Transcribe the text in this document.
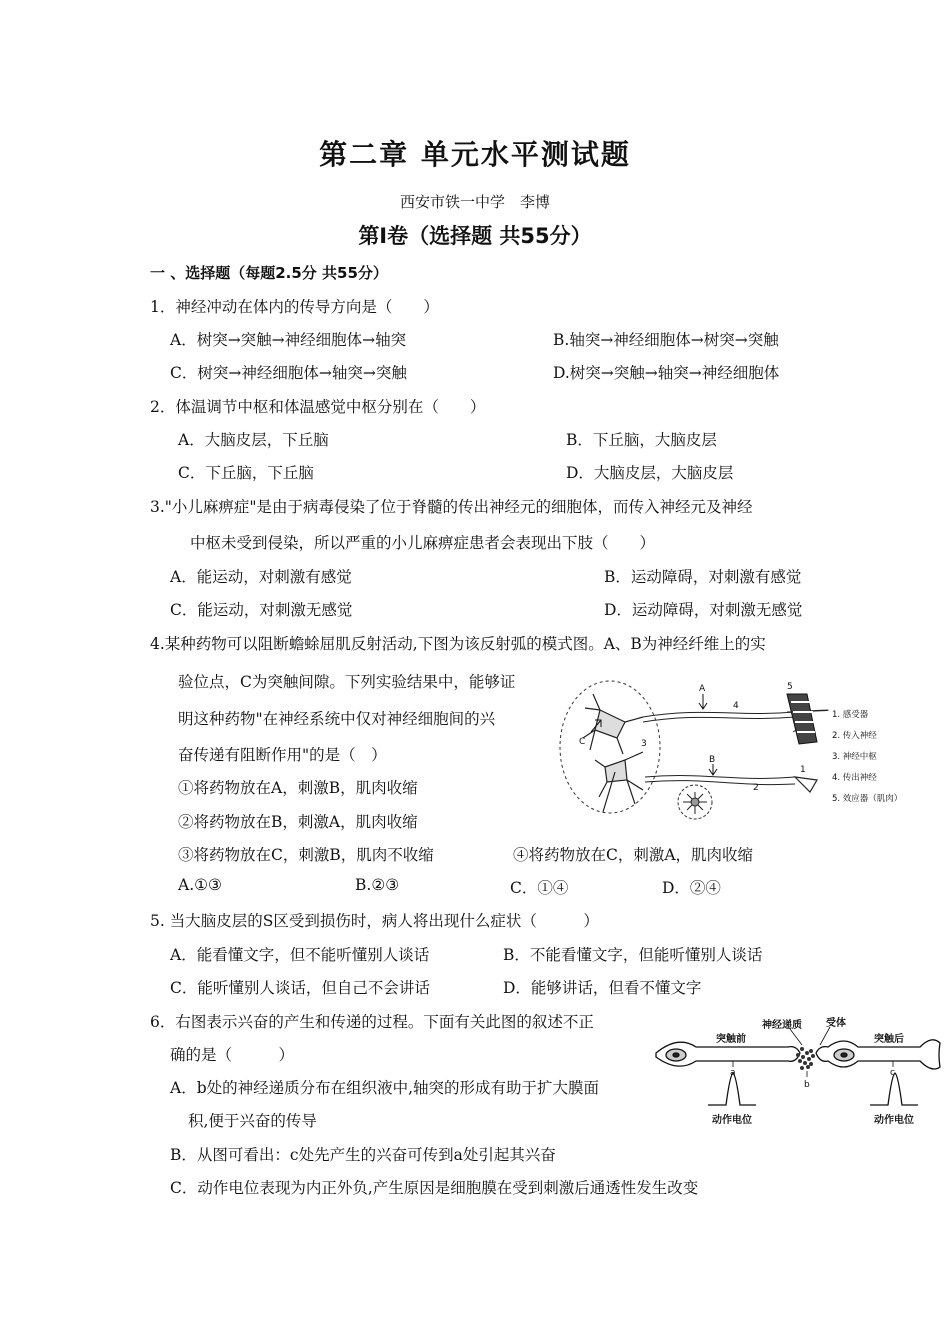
第二章 单元水平测试题
西安市铁一中学　李博
第Ⅰ卷（选择题 共55分）
一 、选择题（每题2.5分 共55分）
1．神经冲动在体内的传导方向是（　　）
A．树突→突触→神经细胞体→轴突	B.轴突→神经细胞体→树突→突触
C．树突→神经细胞体→轴突→突触	D.树突→突触→轴突→神经细胞体
2．体温调节中枢和体温感觉中枢分别在（　　）
A．大脑皮层，下丘脑	B．下丘脑，大脑皮层
C．下丘脑，下丘脑	D．大脑皮层，大脑皮层
3."小儿麻痹症"是由于病毒侵染了位于脊髓的传出神经元的细胞体，而传入神经元及神经
中枢未受到侵染，所以严重的小儿麻痹症患者会表现出下肢（　　）
A．能运动，对刺激有感觉	B．运动障碍，对刺激有感觉
C．能运动，对刺激无感觉	D．运动障碍，对刺激无感觉
4.某种药物可以阻断蟾蜍屈肌反射活动,下图为该反射弧的模式图。A、B为神经纤维上的实
验位点，C为突触间隙。下列实验结果中，能够证
明这种药物"在神经系统中仅对神经细胞间的兴
奋传递有阻断作用"的是（　）
①将药物放在A，刺激B，肌肉收缩
②将药物放在B，刺激A，肌肉收缩
③将药物放在C，刺激B，肌肉不收缩	④将药物放在C，刺激A，肌肉收缩
A.①③	B.②③	C．①④	D．②④
A
B
C
1
2
3
4
5
1. 感受器
2. 传入神经
3. 神经中枢
4. 传出神经
5. 效应器（肌肉）
5. 当大脑皮层的S区受到损伤时，病人将出现什么症状（　　　）
A．能看懂文字，但不能听懂别人谈话	B．不能看懂文字，但能听懂别人谈话
C．能听懂别人谈话，但自己不会讲话	D．能够讲话，但看不懂文字
6．右图表示兴奋的产生和传递的过程。下面有关此图的叙述不正
确的是（　　　）
A．b处的神经递质分布在组织液中,轴突的形成有助于扩大膜面
积,便于兴奋的传导
B．从图可看出：c处先产生的兴奋可传到a处引起其兴奋
C．动作电位表现为内正外负,产生原因是细胞膜在受到刺激后通透性发生改变
神经递质 受体
突触前	突触后
a
b
c
动作电位	动作电位
